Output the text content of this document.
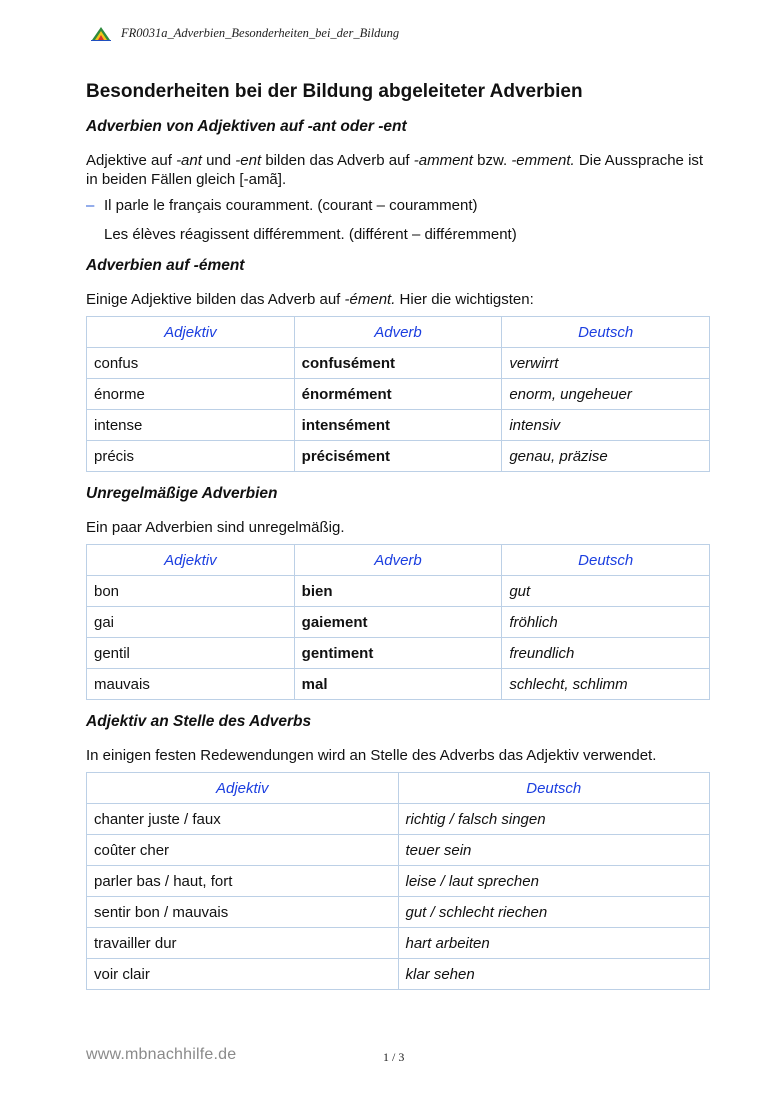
FR0031a_Adverbien_Besonderheiten_bei_der_Bildung
Besonderheiten bei der Bildung abgeleiteter Adverbien
Adverbien von Adjektiven auf -ant oder -ent

Adjektive auf -ant und -ent bilden das Adverb auf -amment bzw. -emment. Die Aussprache ist in beiden Fällen gleich [-amã].

– Il parle le français couramment. (courant – couramment)
Les élèves réagissent différemment. (différent – différemment)
Adverbien auf -ément

Einige Adjektive bilden das Adverb auf -ément. Hier die wichtigsten:

Adjektiv	Adverb	Deutsch
confus	confusément	verwirrt
énorme	énormément	enorm, ungeheuer
intense	intensément	intensiv
précis	précisément	genau, präzise
Unregelmäßige Adverbien

Ein paar Adverbien sind unregelmäßig.

Adjektiv	Adverb	Deutsch
bon	bien	gut
gai	gaiement	fröhlich
gentil	gentiment	freundlich
mauvais	mal	schlecht, schlimm
Adjektiv an Stelle des Adverbs

In einigen festen Redewendungen wird an Stelle des Adverbs das Adjektiv verwendet.

Adjektiv	Deutsch
chanter juste / faux	richtig / falsch singen
coûter cher	teuer sein
parler bas / haut, fort	leise / laut sprechen
sentir bon / mauvais	gut / schlecht riechen
travailler dur	hart arbeiten
voir clair	klar sehen
www.mbnachhilfe.de	1 / 3
